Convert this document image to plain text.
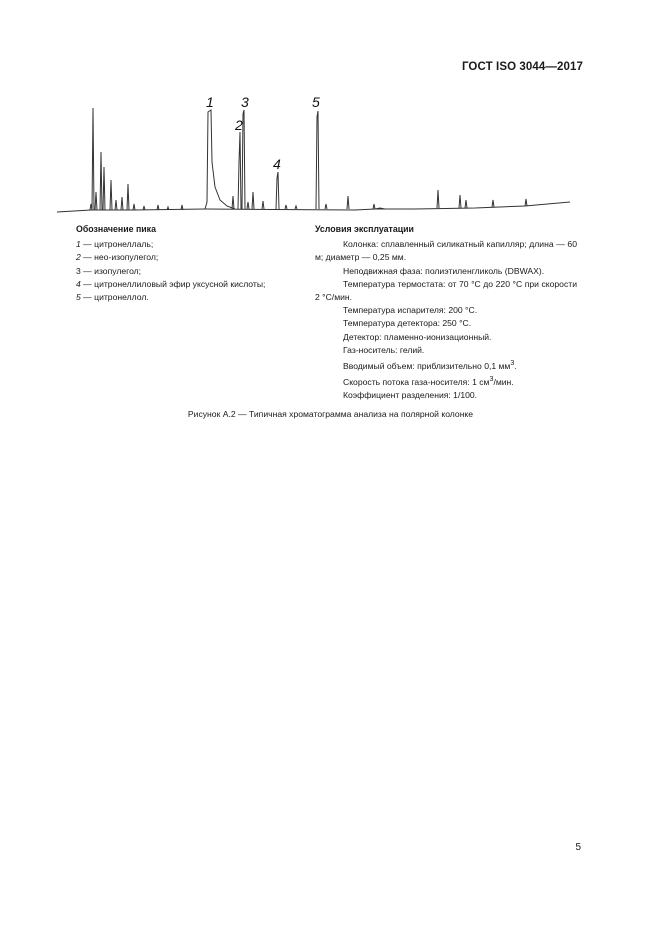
ГОСТ ISO 3044—2017
1
2
3
4
5
Обозначение пика
1 — цитронеллаль;
2 — нео-изопулегол;
3 — изопулегол;
4 — цитронеллиловый эфир уксусной кислоты;
5 — цитронеллол.
Условия эксплуатации
Колонка: сплавленный силикатный капилляр; длина — 60 м; диаметр — 0,25 мм.
Неподвижная фаза: полиэтиленгликоль (DBWAX).
Температура термостата: от 70 °С до 220 °С при скорости 2 °С/мин.
Температура испарителя: 200 °С.
Температура детектора: 250 °С.
Детектор: пламенно-ионизационный.
Газ-носитель: гелий.
Вводимый объем: приблизительно 0,1 $мм^3$.
Скорость потока газа-носителя: 1 $см^3$/мин.
Коэффициент разделения: 1/100.
Рисунок А.2 — Типичная хроматограмма анализа на полярной колонке
5
